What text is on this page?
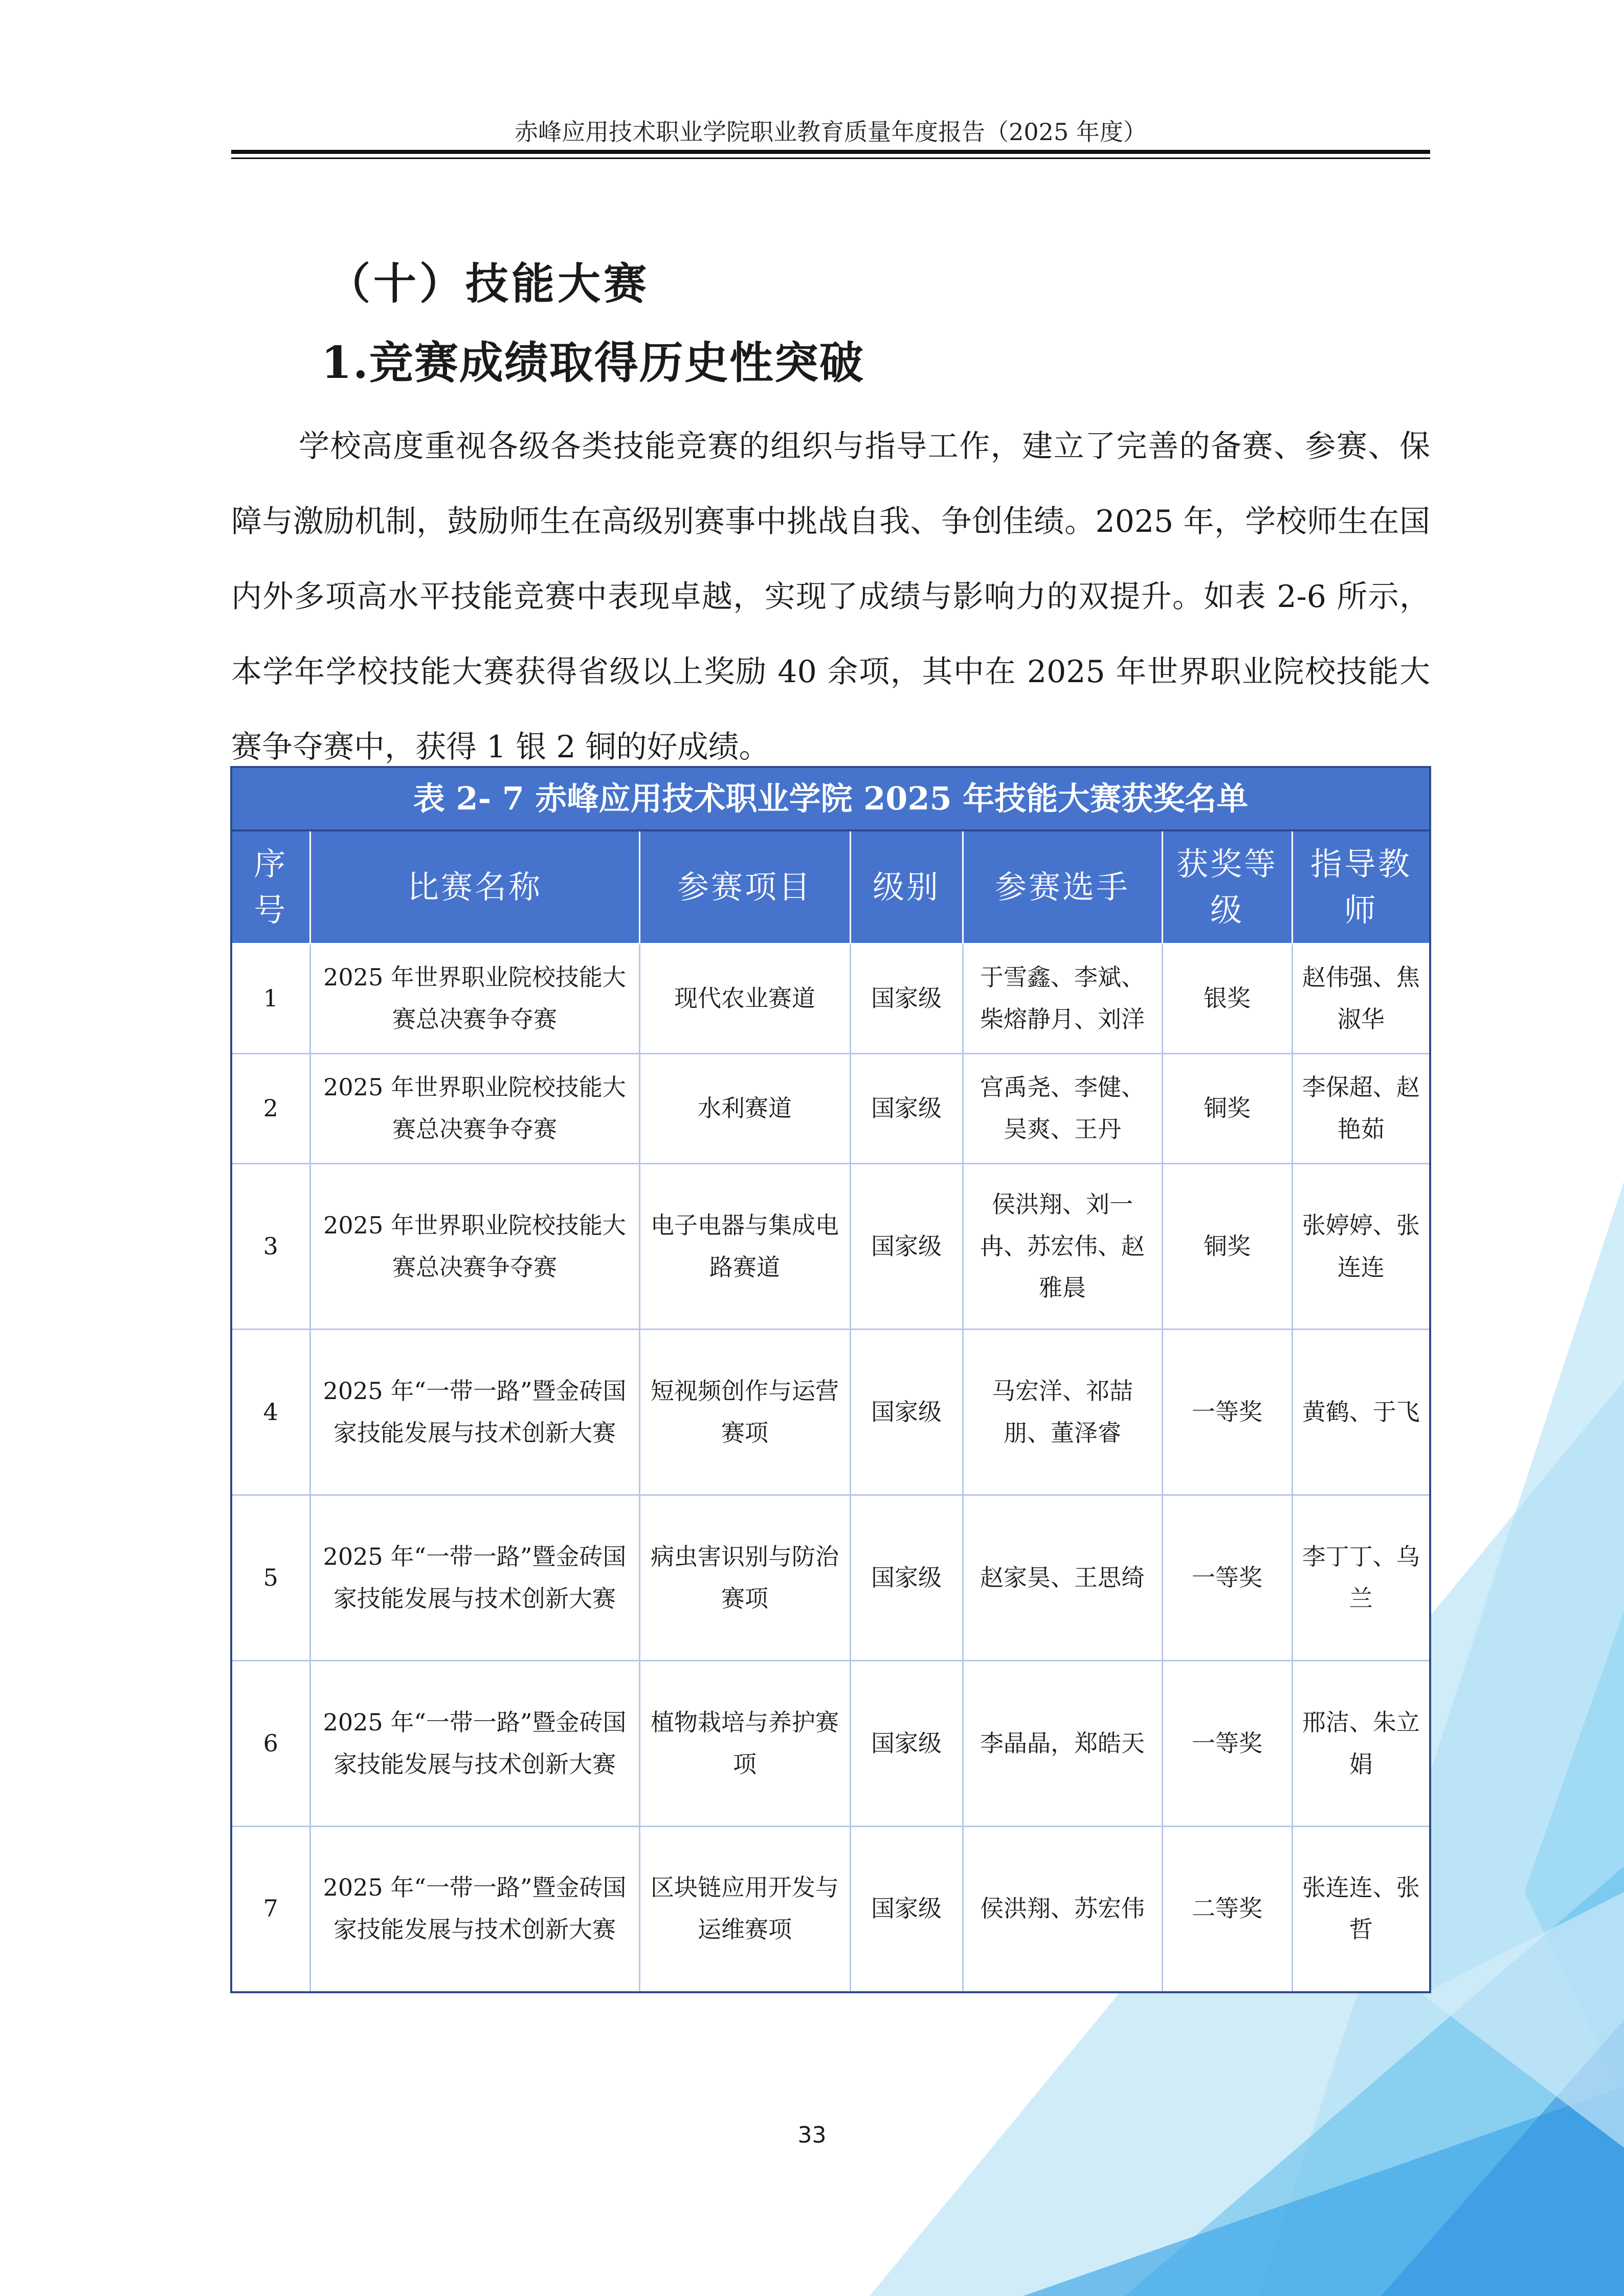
赤峰应用技术职业学院职业教育质量年度报告（2025 年度）
（十）技能大赛
1.竞赛成绩取得历史性突破
学校高度重视各级各类技能竞赛的组织与指导工作，建立了完善的备赛、参赛、保障与激励机制，鼓励师生在高级别赛事中挑战自我、争创佳绩。2025 年，学校师生在国内外多项高水平技能竞赛中表现卓越，实现了成绩与影响力的双提升。如表 2-6 所示，本学年学校技能大赛获得省级以上奖励 40 余项，其中在 2025 年世界职业院校技能大赛争夺赛中，获得 1 银 2 铜的好成绩。
表 2- 7 赤峰应用技术职业学院 2025 年技能大赛获奖名单						
序号	比赛名称	参赛项目	级别	参赛选手	获奖等级	指导教师
1	2025 年世界职业院校技能大赛总决赛争夺赛	现代农业赛道	国家级	于雪鑫、李斌、柴熔静月、刘洋	银奖	赵伟强、焦淑华
2	2025 年世界职业院校技能大赛总决赛争夺赛	水利赛道	国家级	宫禹尧、李健、吴爽、王丹	铜奖	李保超、赵艳茹
3	2025 年世界职业院校技能大赛总决赛争夺赛	电子电器与集成电路赛道	国家级	侯洪翔、刘一冉、苏宏伟、赵雅晨	铜奖	张婷婷、张连连
4	2025 年“一带一路”暨金砖国家技能发展与技术创新大赛	短视频创作与运营赛项	国家级	马宏洋、祁喆朋、董泽睿	一等奖	黄鹤、于飞
5	2025 年“一带一路”暨金砖国家技能发展与技术创新大赛	病虫害识别与防治赛项	国家级	赵家昊、王思绮	一等奖	李丁丁、乌兰
6	2025 年“一带一路”暨金砖国家技能发展与技术创新大赛	植物栽培与养护赛项	国家级	李晶晶，郑皓天	一等奖	邢洁、朱立娟
7	2025 年“一带一路”暨金砖国家技能发展与技术创新大赛	区块链应用开发与运维赛项	国家级	侯洪翔、苏宏伟	二等奖	张连连、张哲
33
